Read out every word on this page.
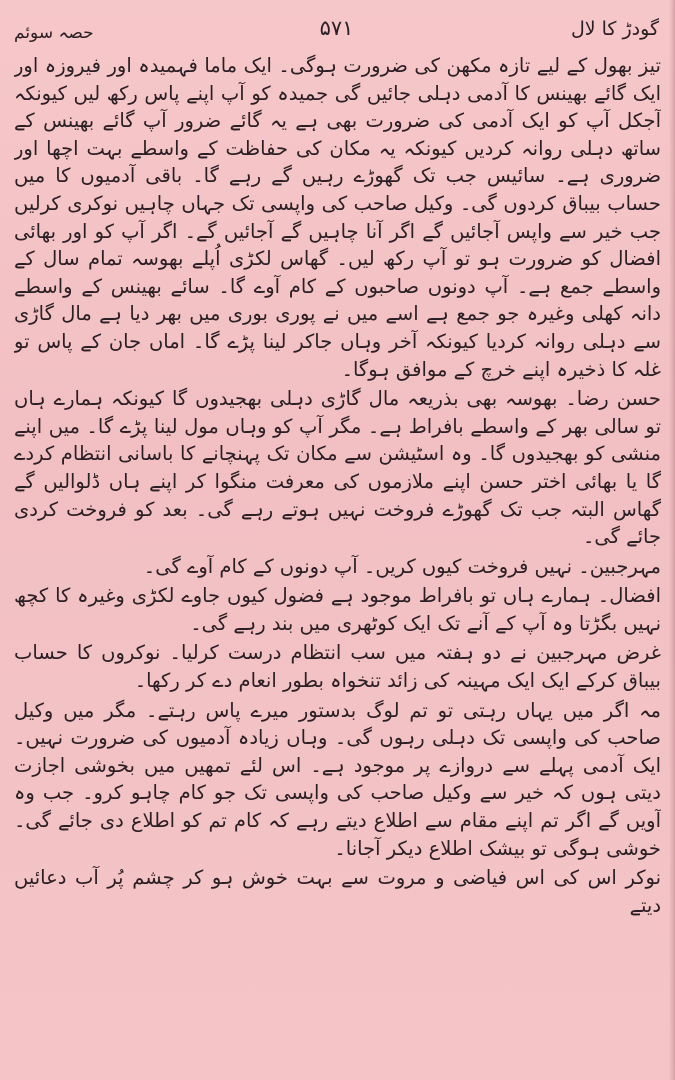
گودڑ کا لال
۵۷۱
حصہ سوئم

تیز بھول کے لیے تازہ مکھن کی ضرورت ہوگی۔ ایک ماما فہمیدہ اور فیروزہ اور ایک گائے بھینس کا آدمی دہلی جائیں گی جمیدہ کو آپ اپنے پاس رکھ لیں کیونکہ آجکل آپ کو ایک آدمی کی ضرورت بھی ہے یہ گائے ضرور آپ گائے بھینس کے ساتھ دہلی روانہ کردیں کیونکہ یہ مکان کی حفاظت کے واسطے بہت اچھا اور ضروری ہے۔ سائیس جب تک گھوڑے رہیں گے رہے گا۔ باقی آدمیوں کا میں حساب بیباق کردوں گی۔ وکیل صاحب کی واپسی تک جہاں چاہیں نوکری کرلیں جب خیر سے واپس آجائیں گے اگر آنا چاہیں گے آجائیں گے۔ اگر آپ کو اور بھائی افضال کو ضرورت ہو تو آپ رکھ لیں۔ گھاس لکڑی اُپلے بھوسہ تمام سال کے واسطے جمع ہے۔ آپ دونوں صاحبوں کے کام آوے گا۔ سائے بھینس کے واسطے دانہ کھلی وغیرہ جو جمع ہے اسے میں نے پوری بوری میں بھر دیا ہے مال گاڑی سے دہلی روانہ کردیا کیونکہ آخر وہاں جاکر لینا پڑے گا۔ اماں جان کے پاس تو غلہ کا ذخیرہ اپنے خرچ کے موافق ہوگا۔

حسن رضا۔ بھوسہ بھی بذریعہ مال گاڑی دہلی بھجیدوں گا کیونکہ ہمارے ہاں تو سالی بھر کے واسطے بافراط ہے۔ مگر آپ کو وہاں مول لینا پڑے گا۔ میں اپنے منشی کو بھجیدوں گا۔ وہ اسٹیشن سے مکان تک پہنچانے کا باسانی انتظام کردے گا یا بھائی اختر حسن اپنے ملازموں کی معرفت منگوا کر اپنے ہاں ڈلوالیں گے گھاس البتہ جب تک گھوڑے فروخت نہیں ہوتے رہے گی۔ بعد کو فروخت کردی جائے گی۔

مہرجبین۔ نہیں فروخت کیوں کریں۔ آپ دونوں کے کام آوے گی۔

افضال۔ ہمارے ہاں تو بافراط موجود ہے فضول کیوں جاوے لکڑی وغیرہ کا کچھ نہیں بگڑتا وہ آپ کے آنے تک ایک کوٹھری میں بند رہے گی۔

غرض مہرجبین نے دو ہفتہ میں سب انتظام درست کرلیا۔ نوکروں کا حساب بیباق کرکے ایک ایک مہینہ کی زائد تنخواہ بطور انعام دے کر رکھا۔

مہ اگر میں یہاں رہتی تو تم لوگ بدستور میرے پاس رہتے۔ مگر میں وکیل صاحب کی واپسی تک دہلی رہوں گی۔ وہاں زیادہ آدمیوں کی ضرورت نہیں۔ ایک آدمی پہلے سے دروازے پر موجود ہے۔ اس لئے تمھیں میں بخوشی اجازت دیتی ہوں کہ خیر سے وکیل صاحب کی واپسی تک جو کام چاہو کرو۔ جب وہ آویں گے اگر تم اپنے مقام سے اطلاع دیتے رہے کہ کام تم کو اطلاع دی جائے گی۔ خوشی ہوگی تو بیشک اطلاع دیکر آجانا۔

نوکر اس کی اس فیاضی و مروت سے بہت خوش ہو کر چشم پُر آب دعائیں دیتے
